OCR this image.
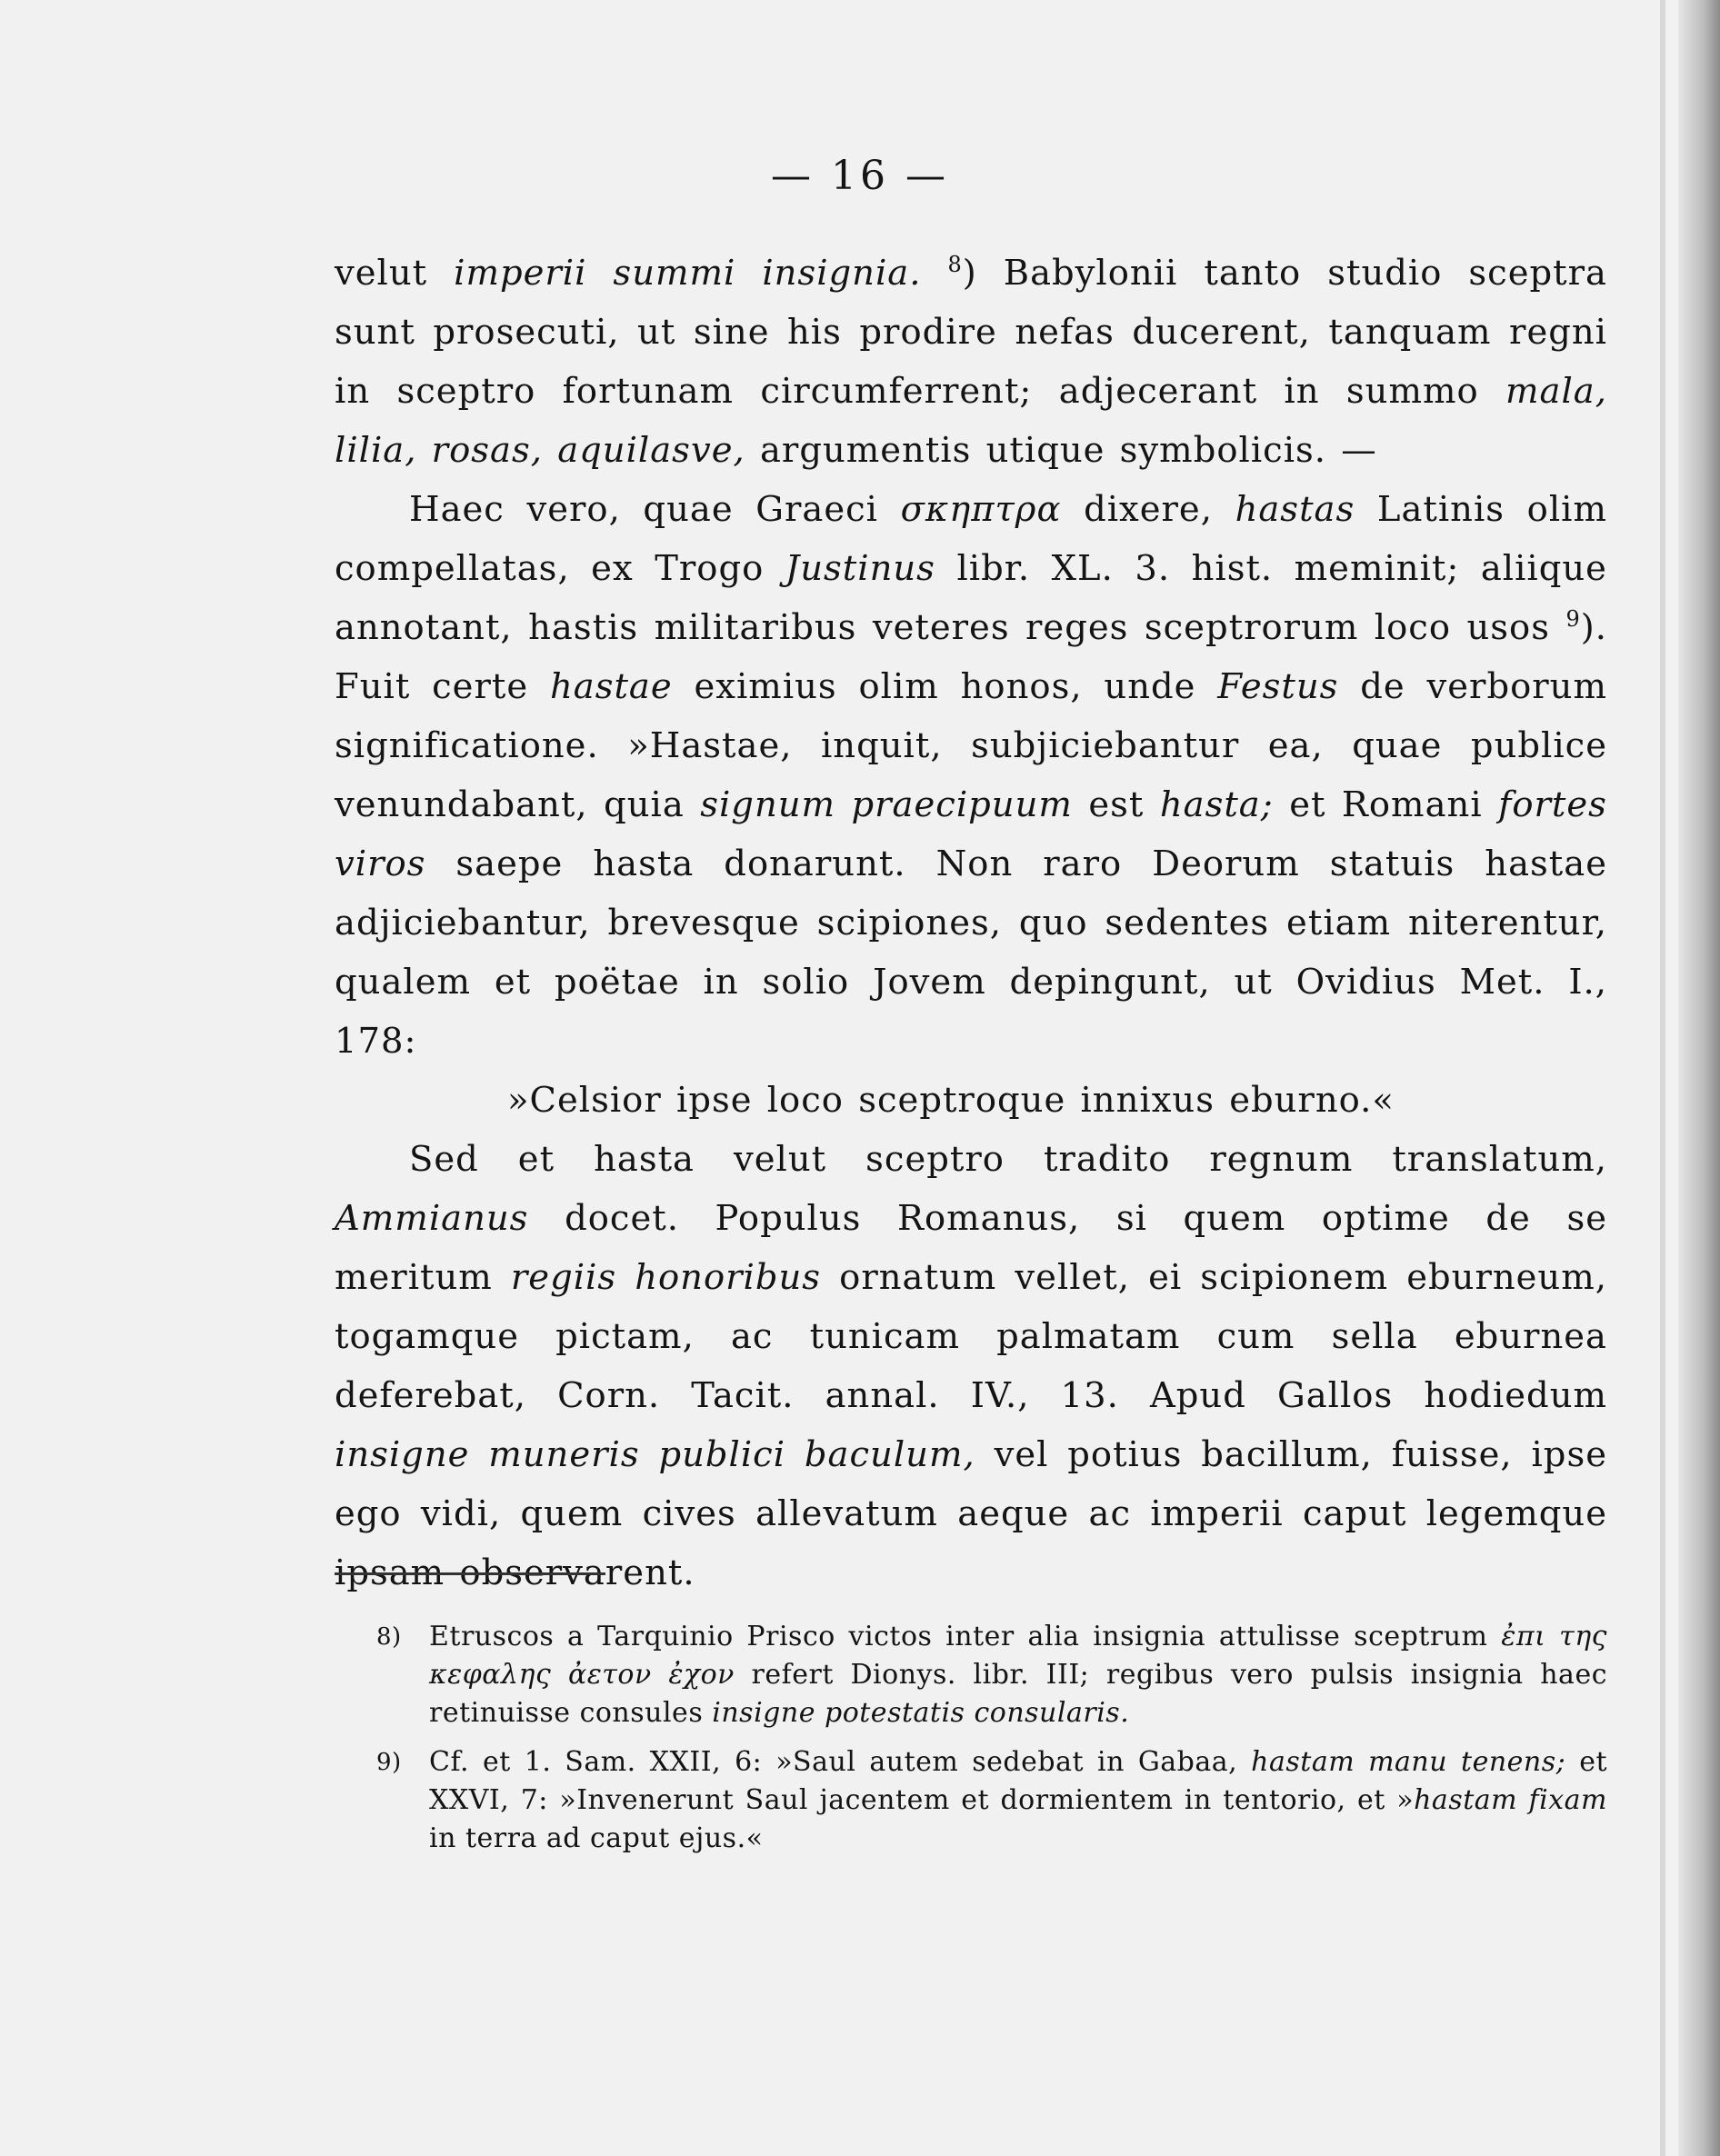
— 16 —

velut imperii summi insignia. $^8$) Babylonii tanto studio sceptra sunt prosecuti, ut sine his prodire nefas ducerent, tanquam regni in sceptro fortunam circumferrent; adjecerant in summo mala, lilia, rosas, aquilasve, argumentis utique symbolicis. —

Haec vero, quae Graeci σκηπτρα dixere, hastas Latinis olim compellatas, ex Trogo Justinus libr. XL. 3. hist. meminit; aliique annotant, hastis militaribus veteres reges sceptrorum loco usos $^9$). Fuit certe hastae eximius olim honos, unde Festus de verborum significatione. »Hastae, inquit, subjiciebantur ea, quae publice venundabant, quia signum praecipuum est hasta; et Romani fortes viros saepe hasta donarunt. Non raro Deorum statuis hastae adjiciebantur, brevesque scipiones, quo sedentes etiam niterentur, qualem et poëtae in solio Jovem depingunt, ut Ovidius Met. I., 178:

»Celsior ipse loco sceptroque innixus eburno.«

Sed et hasta velut sceptro tradito regnum translatum, Ammianus docet. Populus Romanus, si quem optime de se meritum regiis honoribus ornatum vellet, ei scipionem eburneum, togamque pictam, ac tunicam palmatam cum sella eburnea deferebat, Corn. Tacit. annal. IV., 13. Apud Gallos hodiedum insigne muneris publici baculum, vel potius bacillum, fuisse, ipse ego vidi, quem cives allevatum aeque ac imperii caput legemque ipsam observarent.

8) Etruscos a Tarquinio Prisco victos inter alia insignia attulisse sceptrum ἐπι της κεφαλης ἀετον ἐχον refert Dionys. libr. III; regibus vero pulsis insignia haec retinuisse consules insigne potestatis consularis.
9) Cf. et 1. Sam. XXII, 6: »Saul autem sedebat in Gabaa, hastam manu tenens; et XXVI, 7: »Invenerunt Saul jacentem et dormientem in tentorio, et »hastam fixam in terra ad caput ejus.«
